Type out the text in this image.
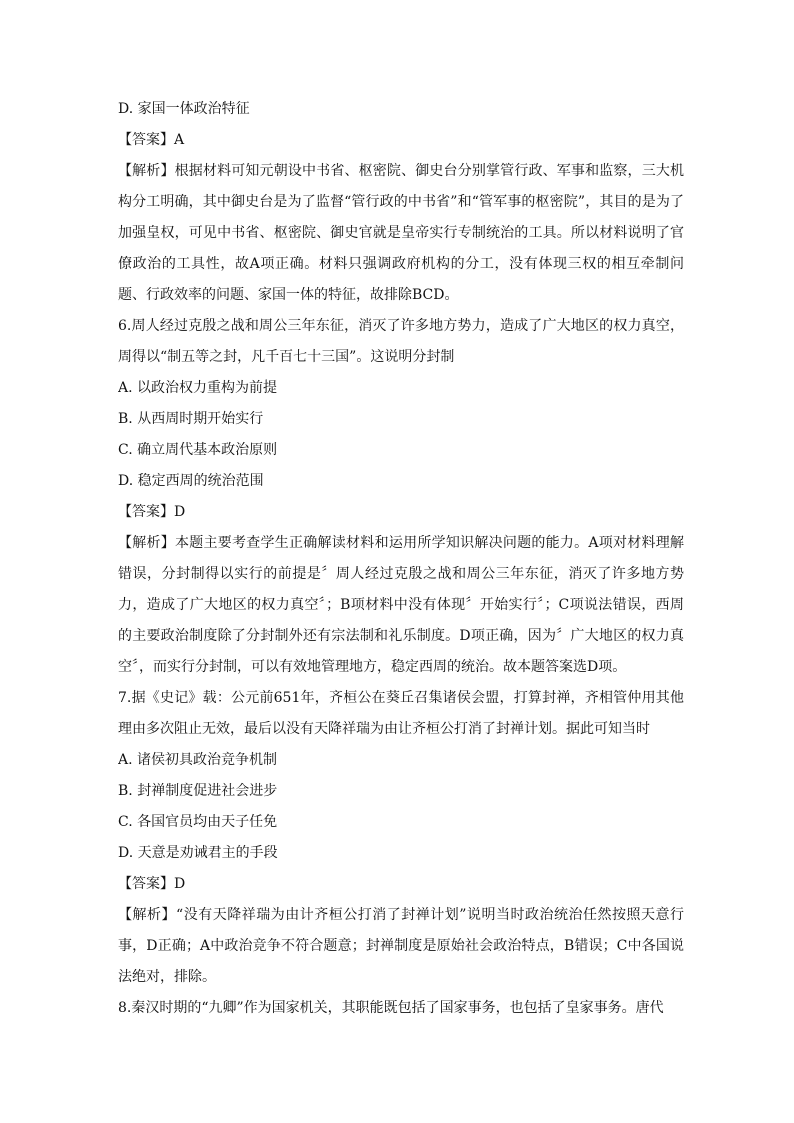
D. 家国一体政治特征
【答案】A
【解析】根据材料可知元朝设中书省、枢密院、御史台分别掌管行政、军事和监察，三大机构分工明确，其中御史台是为了监督“管行政的中书省”和“管军事的枢密院”，其目的是为了加强皇权，可见中书省、枢密院、御史官就是皇帝实行专制统治的工具。所以材料说明了官僚政治的工具性，故A项正确。材料只强调政府机构的分工，没有体现三权的相互牵制问题、行政效率的问题、家国一体的特征，故排除BCD。
6.周人经过克殷之战和周公三年东征，消灭了许多地方势力，造成了广大地区的权力真空，周得以“制五等之封，凡千百七十三国”。这说明分封制
A. 以政治权力重构为前提
B. 从西周时期开始实行
C. 确立周代基本政治原则
D. 稳定西周的统治范围
【答案】D
【解析】本题主要考查学生正确解读材料和运用所学知识解决问题的能力。A项对材料理解错误，分封制得以实行的前提是〞周人经过克殷之战和周公三年东征，消灭了许多地方势力，造成了广大地区的权力真空〞；B项材料中没有体现〞开始实行〞；C项说法错误，西周的主要政治制度除了分封制外还有宗法制和礼乐制度。D项正确，因为〞广大地区的权力真空〞，而实行分封制，可以有效地管理地方，稳定西周的统治。故本题答案选D项。
7.据《史记》载：公元前651年，齐桓公在葵丘召集诸侯会盟，打算封禅，齐相管仲用其他理由多次阻止无效，最后以没有天降祥瑞为由让齐桓公打消了封禅计划。据此可知当时
A. 诸侯初具政治竞争机制
B. 封禅制度促进社会进步
C. 各国官员均由天子任免
D. 天意是劝诫君主的手段
【答案】D
【解析】“没有天降祥瑞为由计齐桓公打消了封禅计划”说明当时政治统治任然按照天意行事，D正确；A中政治竞争不符合题意；封禅制度是原始社会政治特点，B错误；C中各国说法绝对，排除。
8.秦汉时期的“九卿”作为国家机关，其职能既包括了国家事务，也包括了皇家事务。唐代
